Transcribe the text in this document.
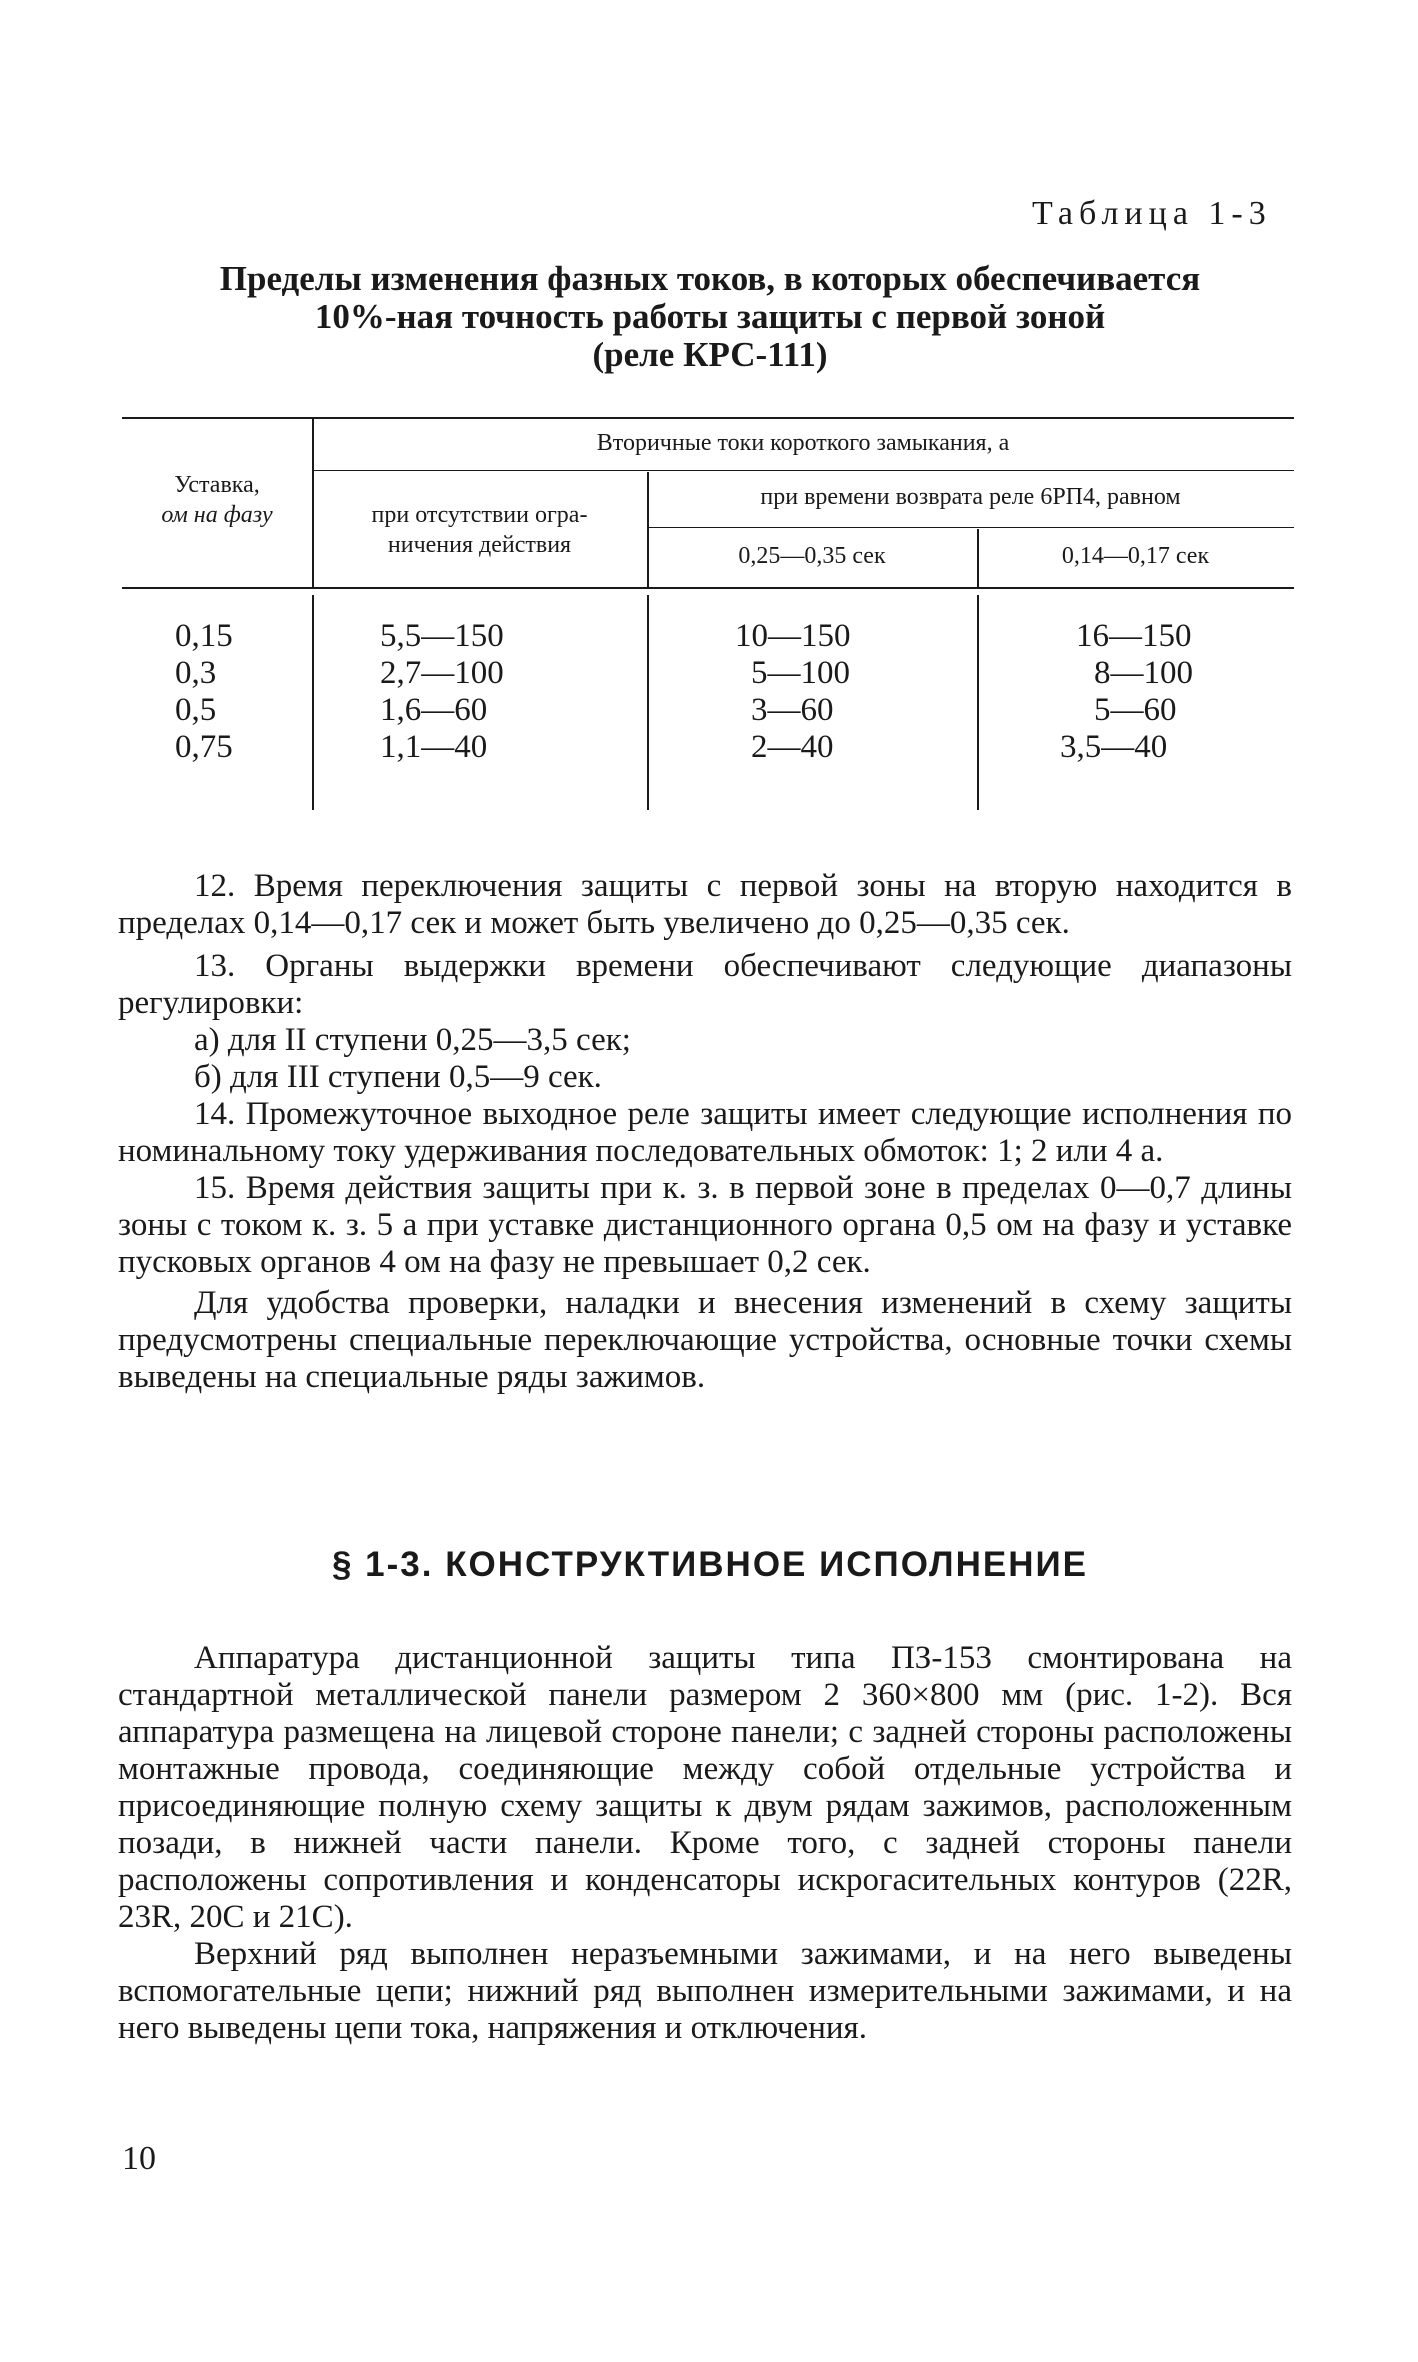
Таблица 1-3
Пределы изменения фазных токов, в которых обеспечивается
10%-ная точность работы защиты с первой зоной
(реле КРС-111)
Уставка,
ом на фазу
Вторичные токи короткого замыкания, а
при отсутствии огра-
ничения действия
при времени возврата реле 6РП4, равном
0,25—0,35 сек	0,14—0,17 сек
0,15
0,3
0,5
0,75
5,5—150
2,7—100
1,6—60
1,1—40
10—150
5—100
3—60
2—40
16—150
8—100
5—60
3,5—40

12. Время переключения защиты с первой зоны на вторую находится в пределах 0,14—0,17 сек и может быть увеличено до 0,25—0,35 сек.

13. Органы выдержки времени обеспечивают следующие диапазоны регулировки:

а) для II ступени 0,25—3,5 сек;

б) для III ступени 0,5—9 сек.

14. Промежуточное выходное реле защиты имеет следующие исполнения по номинальному току удерживания последовательных обмоток: 1; 2 или 4 а.

15. Время действия защиты при к. з. в первой зоне в пределах 0—0,7 длины зоны с током к. з. 5 а при уставке дистанционного органа 0,5 ом на фазу и уставке пусковых органов 4 ом на фазу не превышает 0,2 сек.

Для удобства проверки, наладки и внесения изменений в схему защиты предусмотрены специальные переключающие устройства, основные точки схемы выведены на специальные ряды зажимов.

§ 1-3. КОНСТРУКТИВНОЕ ИСПОЛНЕНИЕ

Аппаратура дистанционной защиты типа ПЗ-153 смонтирована на стандартной металлической панели размером 2 360×800 мм (рис. 1-2). Вся аппаратура размещена на лицевой стороне панели; с задней стороны расположены монтажные провода, соединяющие между собой отдельные устройства и присоединяющие полную схему защиты к двум рядам зажимов, расположенным позади, в нижней части панели. Кроме того, с задней стороны панели расположены сопротивления и конденсаторы искрогасительных контуров (22R, 23R, 20C и 21C).

Верхний ряд выполнен неразъемными зажимами, и на него выведены вспомогательные цепи; нижний ряд выполнен измерительными зажимами, и на него выведены цепи тока, напряжения и отключения.

10
